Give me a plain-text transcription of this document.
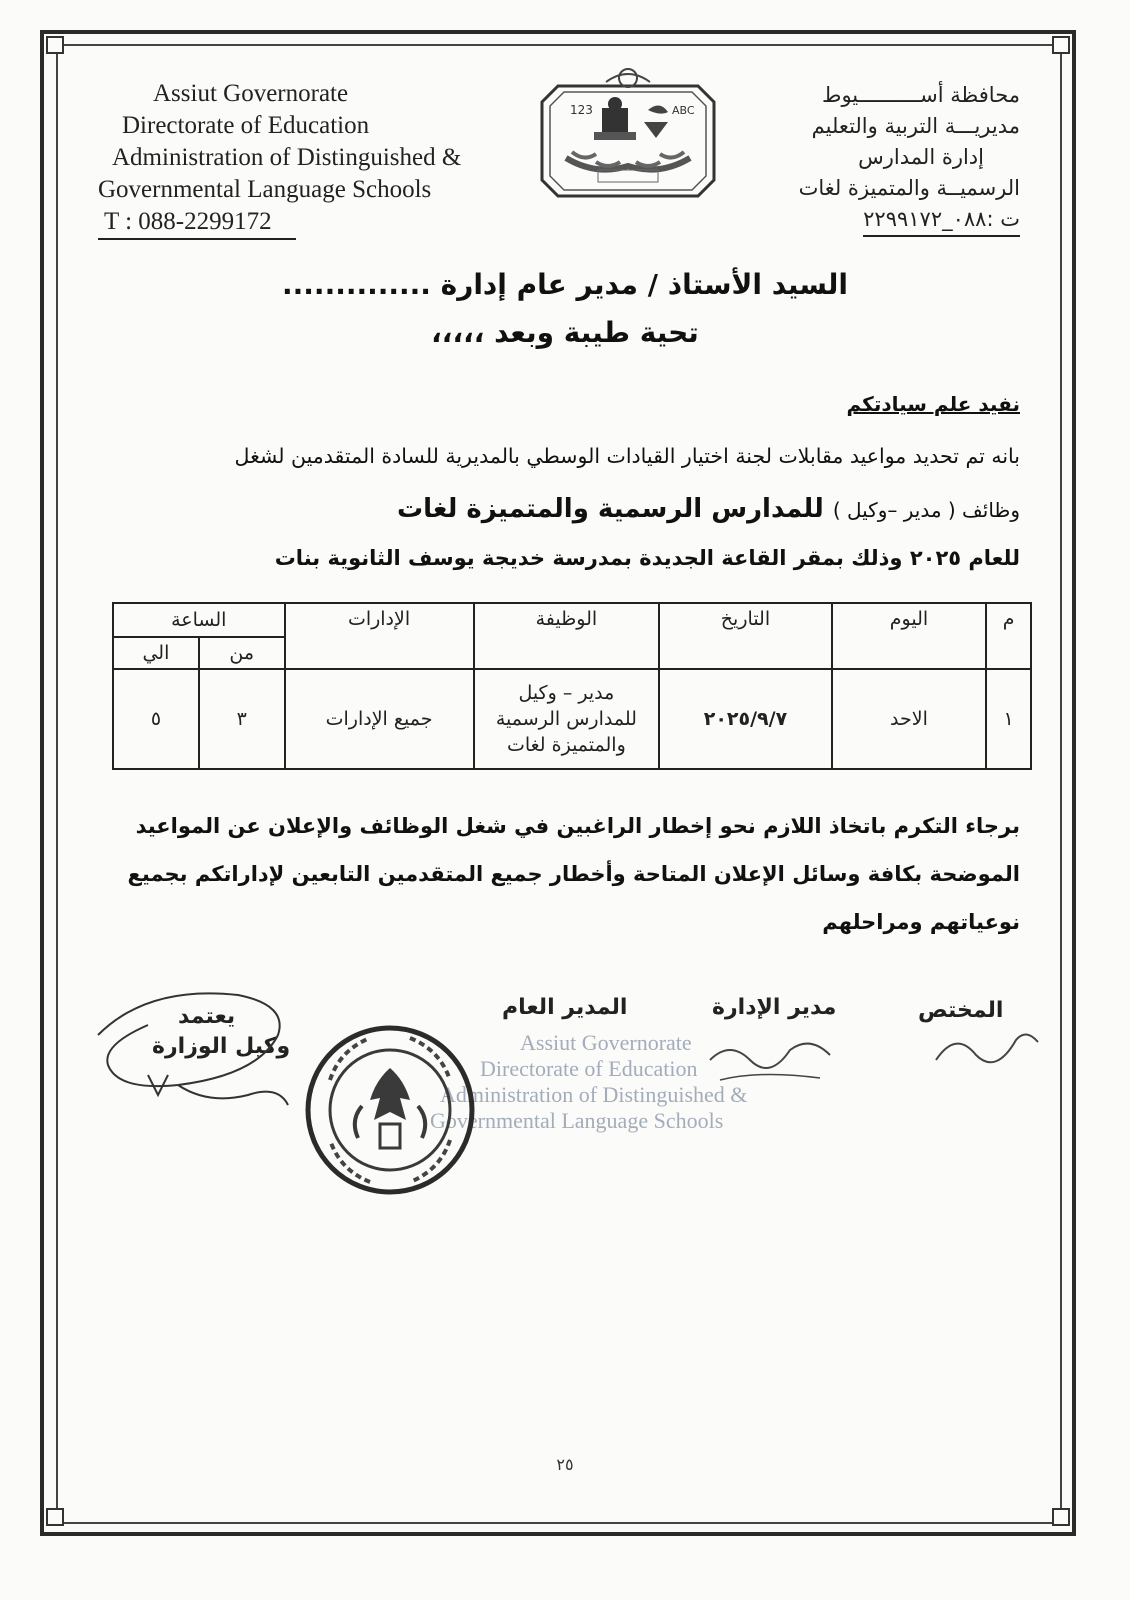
Assiut Governorate
Directorate of Education
Administration of Distinguished &
Governmental Language Schools
T : 088-2299172
محافظة أســــــــــيوط
مديريـــة التربية والتعليم
إدارة المدارس
الرسميــة والمتميزة لغات
ت :٠٨٨_٢٢٩٩١٧٢
123	ABC
السيد الأستاذ / مدير عام إدارة ..............
تحية طيبة وبعد ،،،،،
نفيد علم سيادتكم
بانه تم تحديد مواعيد مقابلات لجنة اختيار القيادات الوسطي بالمديرية للسادة المتقدمين لشغل
وظائف ( مدير –وكيل ) للمدارس الرسمية والمتميزة لغات
للعام ٢٠٢٥ وذلك بمقر القاعة الجديدة بمدرسة خديجة يوسف الثانوية بنات
م	اليوم	التاريخ	الوظيفة	الإدارات	الساعة	
					من	الي
١	الاحد	٢٠٢٥/٩/٧	مدير – وكيل
للمدارس الرسمية
والمتميزة لغات	جميع الإدارات	٣	٥
برجاء التكرم باتخاذ اللازم نحو إخطار الراغبين في شغل الوظائف والإعلان عن المواعيد
الموضحة بكافة وسائل الإعلان المتاحة وأخطار جميع المتقدمين التابعين لإداراتكم بجميع
نوعياتهم ومراحلهم
Assiut Governorate
Directorate of Education
Administration of Distinguished &
Governmental Language Schools
المختص
مدير الإدارة
المدير العام
يعتمد
وكيل الوزارة
٢٥
